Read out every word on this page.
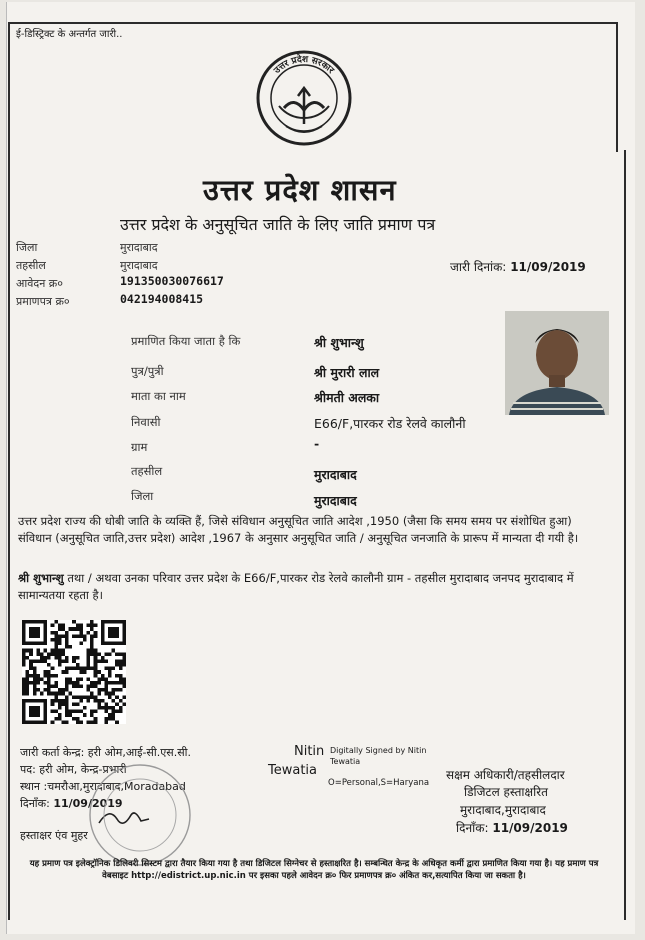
ई-डिस्ट्रिक्ट के अन्तर्गत जारी..
उत्तर प्रदेश सरकार
उत्तर प्रदेश शासन
उत्तर प्रदेश के अनुसूचित जाति के लिए जाति प्रमाण पत्र
जिला	मुरादाबाद
तहसील	मुरादाबाद
आवेदन क्र०	191350030076617
प्रमाणपत्र क्र०	042194008415
जारी दिनांक: 11/09/2019
प्रमाणित किया जाता है कि	श्री शुभान्शु
पुत्र/पुत्री	श्री मुरारी लाल
माता का नाम	श्रीमती अलका
निवासी	E66/F,पारकर रोड रेलवे कालौनी
ग्राम	-
तहसील	मुरादाबाद
जिला	मुरादाबाद
उत्तर प्रदेश राज्य की धोबी जाति के व्यक्ति हैं, जिसे संविधान अनुसूचित जाति आदेश ,1950 (जैसा कि समय समय पर संशोधित हुआ) संविधान (अनुसूचित जाति,उत्तर प्रदेश) आदेश ,1967 के अनुसार अनुसूचित जाति / अनुसूचित जनजाति के प्रारूप में मान्यता दी गयी है।
श्री शुभान्शु तथा / अथवा उनका परिवार उत्तर प्रदेश के E66/F,पारकर रोड रेलवे कालौनी ग्राम - तहसील मुरादाबाद जनपद मुरादाबाद में सामान्यतया रहता है।
जारी कर्ता केन्द्र: हरी ओम,आई-सी.एस.सी.
पद: हरी ओम, केन्द्र-प्रभारी
स्थान :चमरौआ,मुरादाबाद,Moradabad
दिनाँक: 11/09/2019
हस्ताक्षर एंव मुहर
Nitin
Tewatia
Digitally Signed by Nitin
Tewatia
O=Personal,S=Haryana
सक्षम अधिकारी/तहसीलदार
डिजिटल हस्ताक्षरित
मुरादाबाद,मुरादाबाद
दिनाँक: 11/09/2019
यह प्रमाण पत्र इलेक्ट्रॉनिक डिलिवरी सिस्टम द्वारा तैयार किया गया है तथा डिजिटल सिग्नेचर से हस्ताक्षरित है। सम्बन्धित केन्द्र के अधिकृत कर्मी द्वारा प्रमाणित किया गया है। यह प्रमाण पत्र वेबसाइट http://edistrict.up.nic.in पर इसका पहले आवेदन क्र० फिर प्रमाणपत्र क्र० अंकित कर,सत्यापित किया जा सकता है।
